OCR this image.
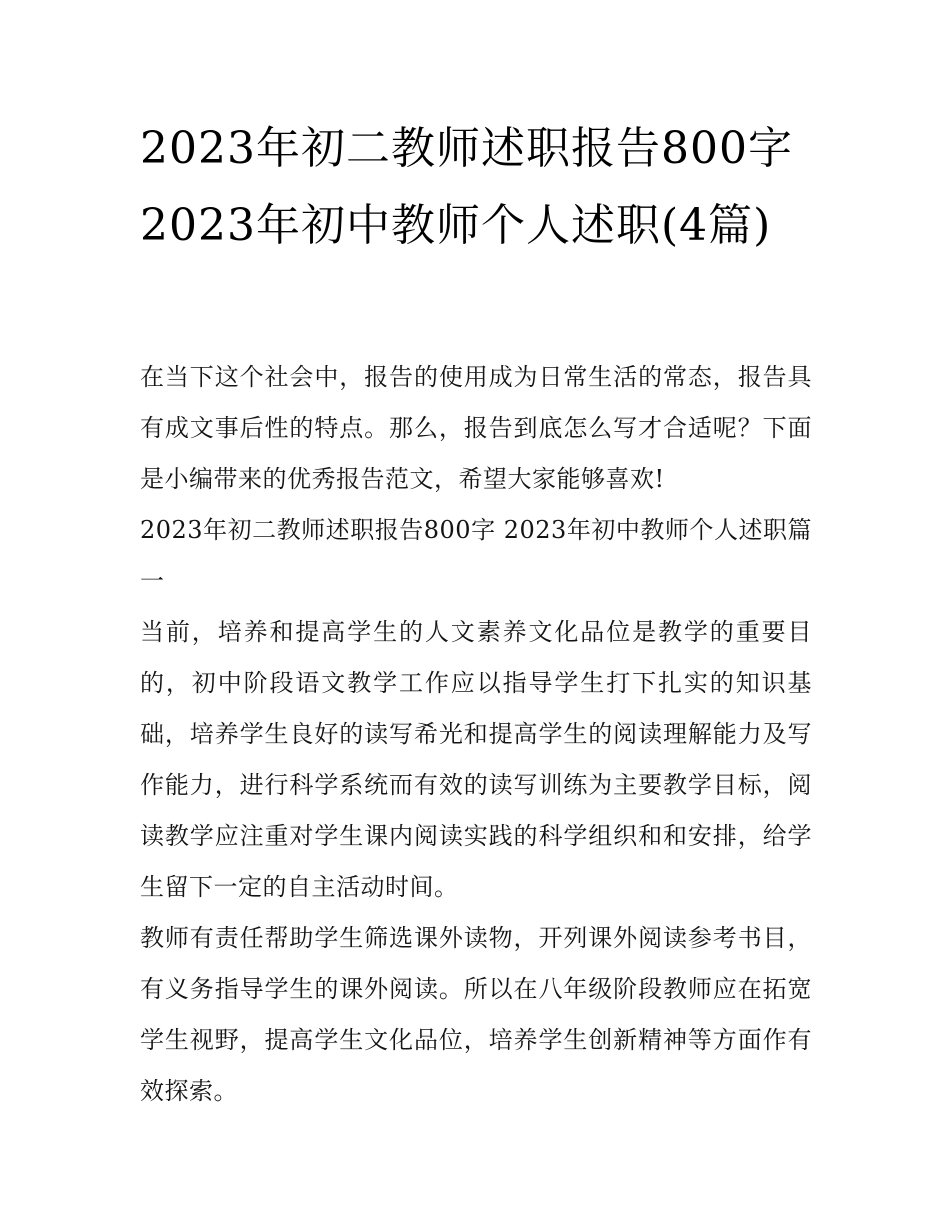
2023年初二教师述职报告800字 2023年初中教师个人述职(4篇)

在当下这个社会中，报告的使用成为日常生活的常态，报告具有成文事后性的特点。那么，报告到底怎么写才合适呢？下面是小编带来的优秀报告范文，希望大家能够喜欢!

2023年初二教师述职报告800字 2023年初中教师个人述职篇一

当前，培养和提高学生的人文素养文化品位是教学的重要目的，初中阶段语文教学工作应以指导学生打下扎实的知识基础，培养学生良好的读写希光和提高学生的阅读理解能力及写作能力，进行科学系统而有效的读写训练为主要教学目标，阅读教学应注重对学生课内阅读实践的科学组织和和安排，给学生留下一定的自主活动时间。

教师有责任帮助学生筛选课外读物，开列课外阅读参考书目，有义务指导学生的课外阅读。所以在八年级阶段教师应在拓宽学生视野，提高学生文化品位，培养学生创新精神等方面作有效探索。
